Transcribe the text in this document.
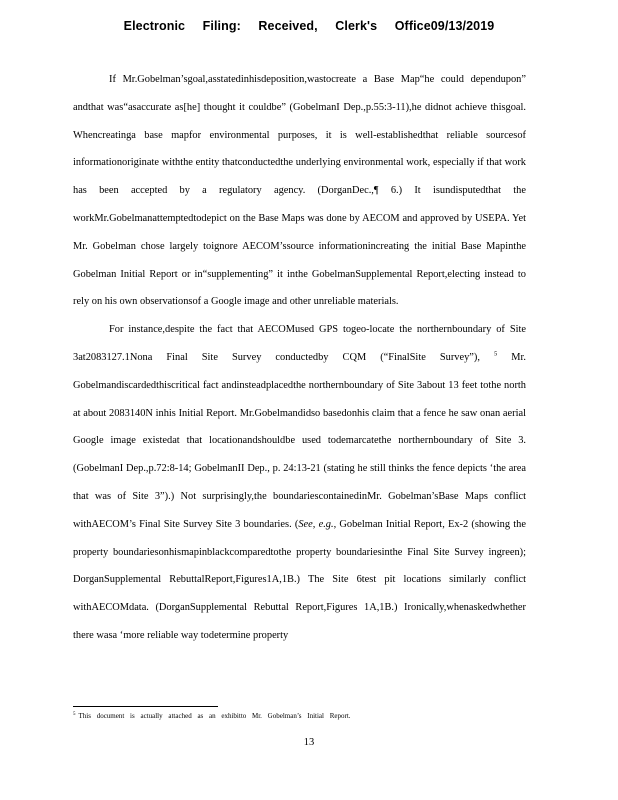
Electronic Filing: Received, Clerk's Office09/13/2019

If Mr.Gobelman’sgoal,asstatedinhisdeposition,wastocreate a Base Map“he could dependupon” andthat was“asaccurate as[he] thought it couldbe” (GobelmanI Dep.,p.55:3-11),he didnot achieve thisgoal. Whencreatinga base mapfor environmental purposes, it is well-establishedthat reliable sourcesof informationoriginate withthe entity thatconductedthe underlying environmental work, especially if that work has been accepted by a regulatory agency. (DorganDec.,¶ 6.) It isundisputedthat the workMr.Gobelmanattemptedtodepict on the Base Maps was done by AECOM and approved by USEPA. Yet Mr. Gobelman chose largely toignore AECOM’ssource informationincreating the initial Base Mapinthe Gobelman Initial Report or in“supplementing” it inthe GobelmanSupplemental Report,electing instead to rely on his own observationsof a Google image and other unreliable materials.

For instance,despite the fact that AECOMused GPS togeo-locate the northernboundary of Site 3at2083127.1Nona Final Site Survey conductedby CQM (“FinalSite Survey”), $^5$ Mr. Gobelmandiscardedthiscritical fact andinsteadplacedthe northernboundary of Site 3about 13 feet tothe north at about 2083140N inhis Initial Report. Mr.Gobelmandidso basedonhis claim that a fence he saw onan aerial Google image existedat that locationandshouldbe used todemarcatethe northernboundary of Site 3. (GobelmanI Dep.,p.72:8-14; GobelmanII Dep., p. 24:13-21 (stating he still thinks the fence depicts ‘the area that was of Site 3”).) Not surprisingly,the boundariescontainedinMr. Gobelman’sBase Maps conflict withAECOM’s Final Site Survey Site 3 boundaries. (See, e.g., Gobelman Initial Report, Ex-2 (showing the property boundariesonhismapinblackcomparedtothe property boundariesinthe Final Site Survey ingreen); DorganSupplemental RebuttalReport,Figures1A,1B.) The Site 6test pit locations similarly conflict withAECOMdata. (DorganSupplemental Rebuttal Report,Figures 1A,1B.) Ironically,whenaskedwhether there wasa ‘more reliable way todetermine property

$^5$ This document is actually attached as an exhibitto Mr. Gobelman’s Initial Report.
13
